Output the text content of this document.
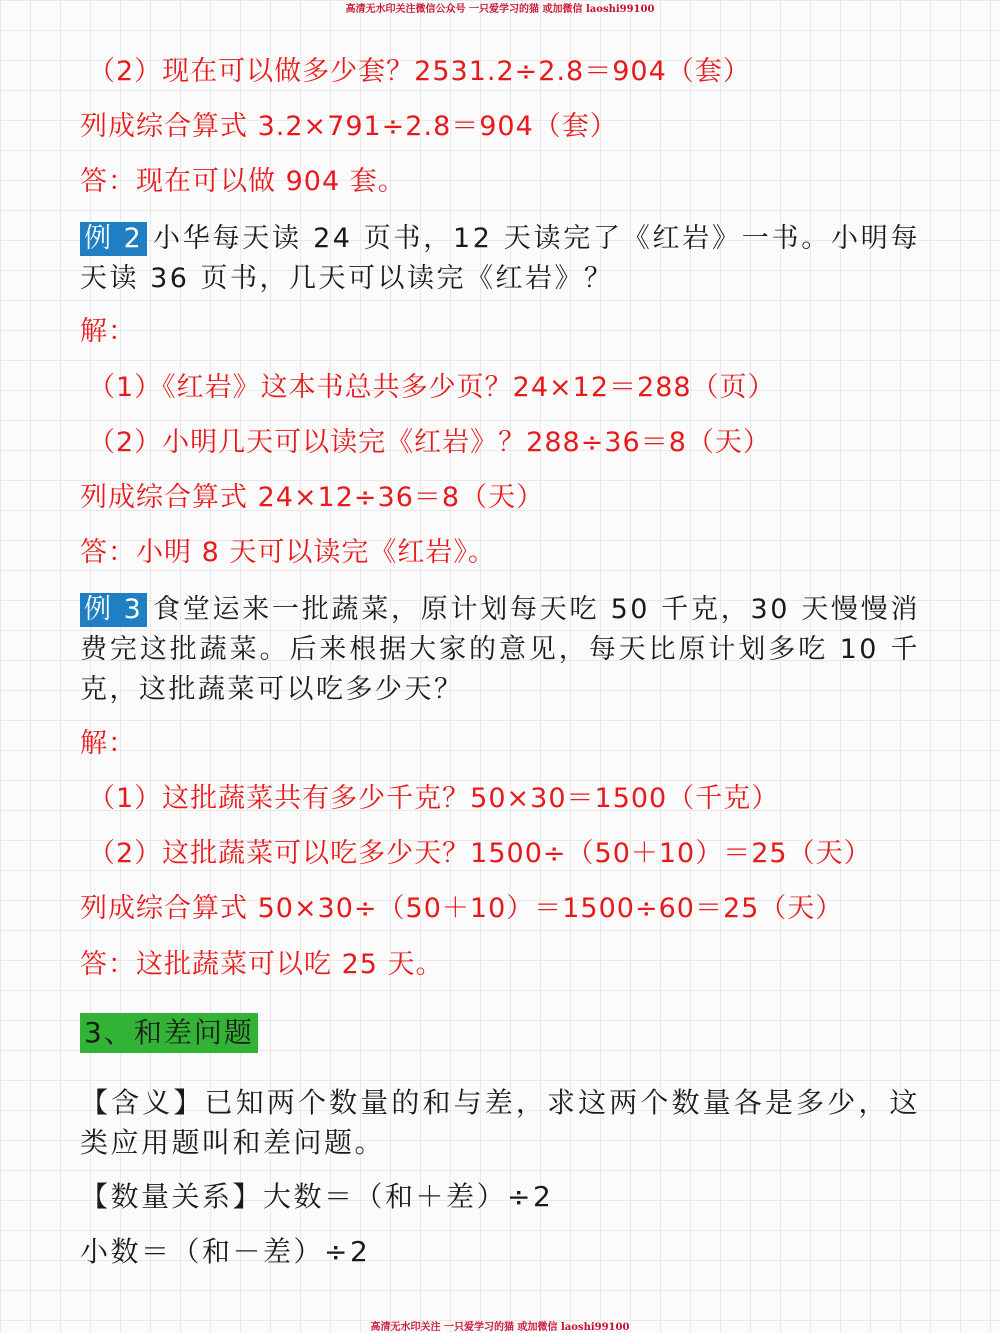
高清无水印关注微信公众号 一只爱学习的猫 或加微信 laoshi99100
（2）现在可以做多少套？2531.2÷2.8＝904（套）
列成综合算式 3.2×791÷2.8＝904（套）
答：现在可以做 904 套。
例 2 小华每天读 24 页书，12 天读完了《红岩》一书。小明每天读 36 页书，几天可以读完《红岩》？
解：
（1）《红岩》这本书总共多少页？24×12＝288（页）
（2）小明几天可以读完《红岩》？288÷36＝8（天）
列成综合算式 24×12÷36＝8（天）
答：小明 8 天可以读完《红岩》。
例 3 食堂运来一批蔬菜，原计划每天吃 50 千克，30 天慢慢消费完这批蔬菜。后来根据大家的意见，每天比原计划多吃 10 千克，这批蔬菜可以吃多少天？
解：
（1）这批蔬菜共有多少千克？50×30＝1500（千克）
（2）这批蔬菜可以吃多少天？1500÷（50＋10）＝25（天）
列成综合算式 50×30÷（50＋10）＝1500÷60＝25（天）
答：这批蔬菜可以吃 25 天。
3、和差问题
【含义】已知两个数量的和与差，求这两个数量各是多少，这类应用题叫和差问题。
【数量关系】大数＝（和＋差）÷2
小数＝（和－差）÷2
高清无水印关注 一只爱学习的猫 或加微信 laoshi99100
